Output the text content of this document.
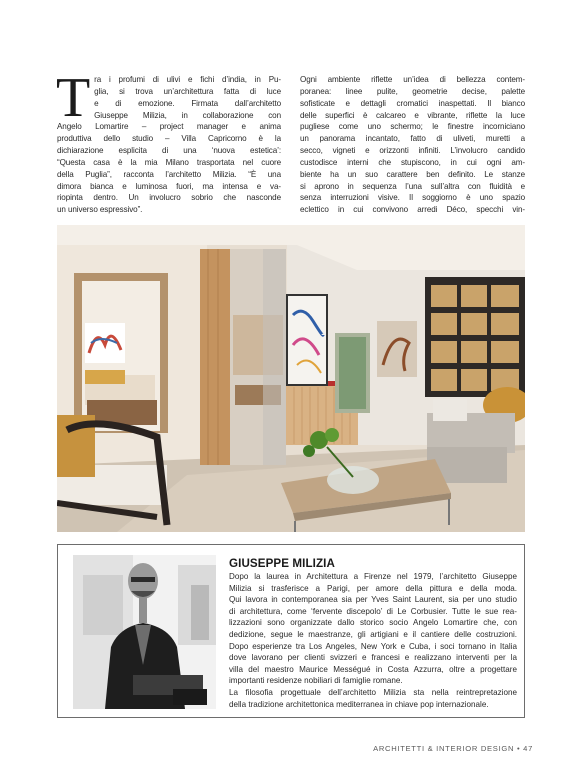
T ra i profumi di ulivi e fichi d’india, in Pu-
glia, si trova un’architettura fatta di luce
e di emozione. Firmata dall’architetto
Giuseppe Milizia, in collaborazione con
Angelo Lomartire – project manager e anima
produttiva dello studio – Villa Capricorno è la
dichiarazione esplicita di una ‘nuova estetica’:
“Questa casa è la mia Milano trasportata nel cuore
della Puglia”, racconta l’architetto Milizia. “È una
dimora bianca e luminosa fuori, ma intensa e va-
riopinta dentro. Un involucro sobrio che nasconde
un universo espressivo”.
Ogni ambiente riflette un’idea di bellezza contem-
poranea: linee pulite, geometrie decise, palette
sofisticate e dettagli cromatici inaspettati. Il bianco
delle superfici è calcareo e vibrante, riflette la luce
pugliese come uno schermo; le finestre incorniciano
un panorama incantato, fatto di uliveti, muretti a
secco, vigneti e orizzonti infiniti. L’involucro candido
custodisce interni che stupiscono, in cui ogni am-
biente ha un suo carattere ben definito. Le stanze
si aprono in sequenza l’una sull’altra con fluidità e
senza interruzioni visive. Il soggiorno è uno spazio
eclettico in cui convivono arredi Déco, specchi vin-
GIUSEPPE MILIZIA
Dopo la laurea in Architettura a Firenze nel 1979, l’architetto Giuseppe
Milizia si trasferisce a Parigi, per amore della pittura e della moda.
Qui lavora in contemporanea sia per Yves Saint Laurent, sia per uno studio
di architettura, come ‘fervente discepolo’ di Le Corbusier. Tutte le sue rea-
lizzazioni sono organizzate dallo storico socio Angelo Lomartire che, con
dedizione, segue le maestranze, gli artigiani e il cantiere delle costruzioni.
Dopo esperienze tra Los Angeles, New York e Cuba, i soci tornano in Italia
dove lavorano per clienti svizzeri e francesi e realizzano interventi per la
villa del maestro Maurice Mességué in Costa Azzurra, oltre a progettare
importanti residenze nobiliari di famiglie romane.
La filosofia progettuale dell’architetto Milizia sta nella reintrepretazione
della tradizione architettonica mediterranea in chiave pop internazionale.
ARCHITETTI & INTERIOR DESIGN • 47
